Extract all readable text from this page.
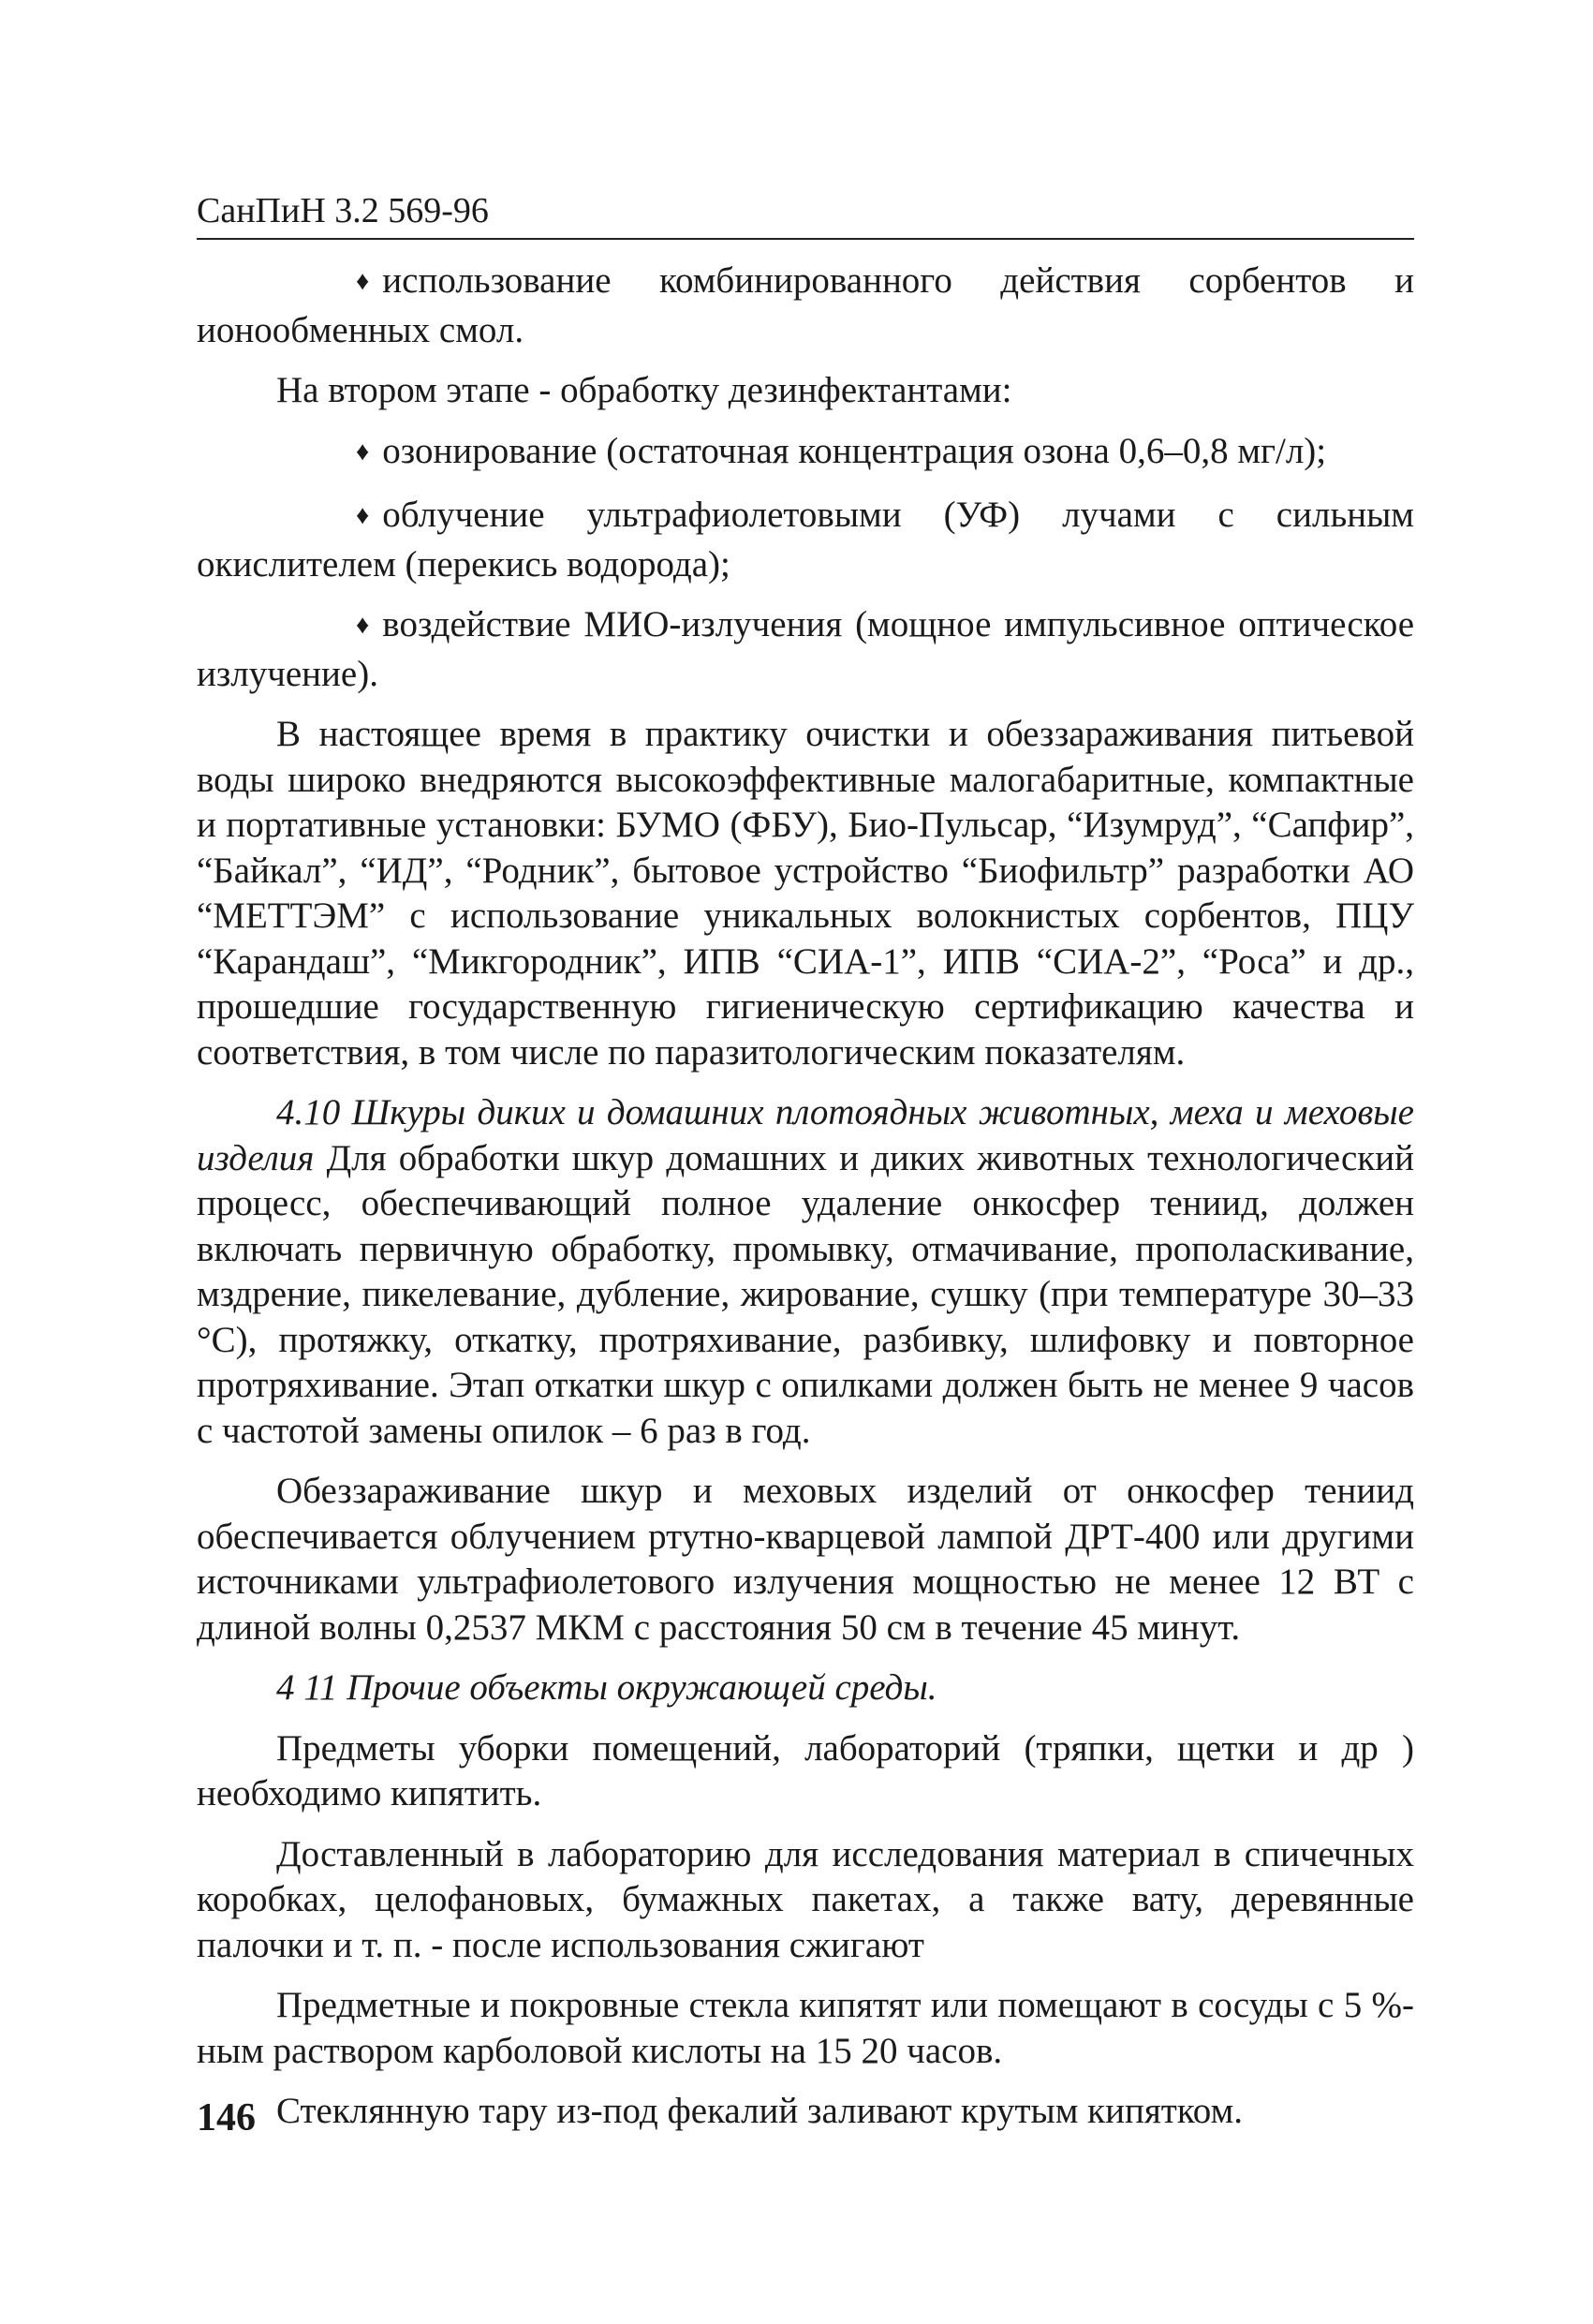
СанПиН 3.2 569-96

♦ использование комбинированного действия сорбентов и ионообменных смол.

На втором этапе - обработку дезинфектантами:

♦ озонирование (остаточная концентрация озона 0,6–0,8 мг/л);

♦ облучение ультрафиолетовыми (УФ) лучами с сильным окислителем (перекись водорода);

♦ воздействие МИО-излучения (мощное импульсивное оптическое излучение).

В настоящее время в практику очистки и обеззараживания питьевой воды широко внедряются высокоэффективные малогабаритные, компактные и портативные установки: БУМО (ФБУ), Био-Пульсар, “Изумруд”, “Сапфир”, “Байкал”, “ИД”, “Родник”, бытовое устройство “Биофильтр” разработки АО “МЕТТЭМ” с использование уникальных волокнистых сорбентов, ПЦУ “Карандаш”, “Микгородник”, ИПВ “СИА-1”, ИПВ “СИА-2”, “Роса” и др., прошедшие государственную гигиеническую сертификацию качества и соответствия, в том числе по паразитологическим показателям.

4.10 Шкуры диких и домашних плотоядных животных, меха и меховые изделия Для обработки шкур домашних и диких животных технологический процесс, обеспечивающий полное удаление онкосфер тениид, должен включать первичную обработку, промывку, отмачивание, прополаскивание, мздрение, пикелевание, дубление, жирование, сушку (при температуре 30–33 °С), протяжку, откатку, протряхивание, разбивку, шлифовку и повторное протряхивание. Этап откатки шкур с опилками должен быть не менее 9 часов с частотой замены опилок – 6 раз в год.

Обеззараживание шкур и меховых изделий от онкосфер тениид обеспечивается облучением ртутно-кварцевой лампой ДРТ-400 или другими источниками ультрафиолетового излучения мощностью не менее 12 ВТ с длиной волны 0,2537 МКМ с расстояния 50 см в течение 45 минут.

4 11 Прочие объекты окружающей среды.

Предметы уборки помещений, лабораторий (тряпки, щетки и др ) необходимо кипятить.

Доставленный в лабораторию для исследования материал в спичечных коробках, целофановых, бумажных пакетах, а также вату, деревянные палочки и т. п. - после использования сжигают

Предметные и покровные стекла кипятят или помещают в сосуды с 5 %-ным раствором карболовой кислоты на 15 20 часов.

Стеклянную тару из-под фекалий заливают крутым кипятком.

146
